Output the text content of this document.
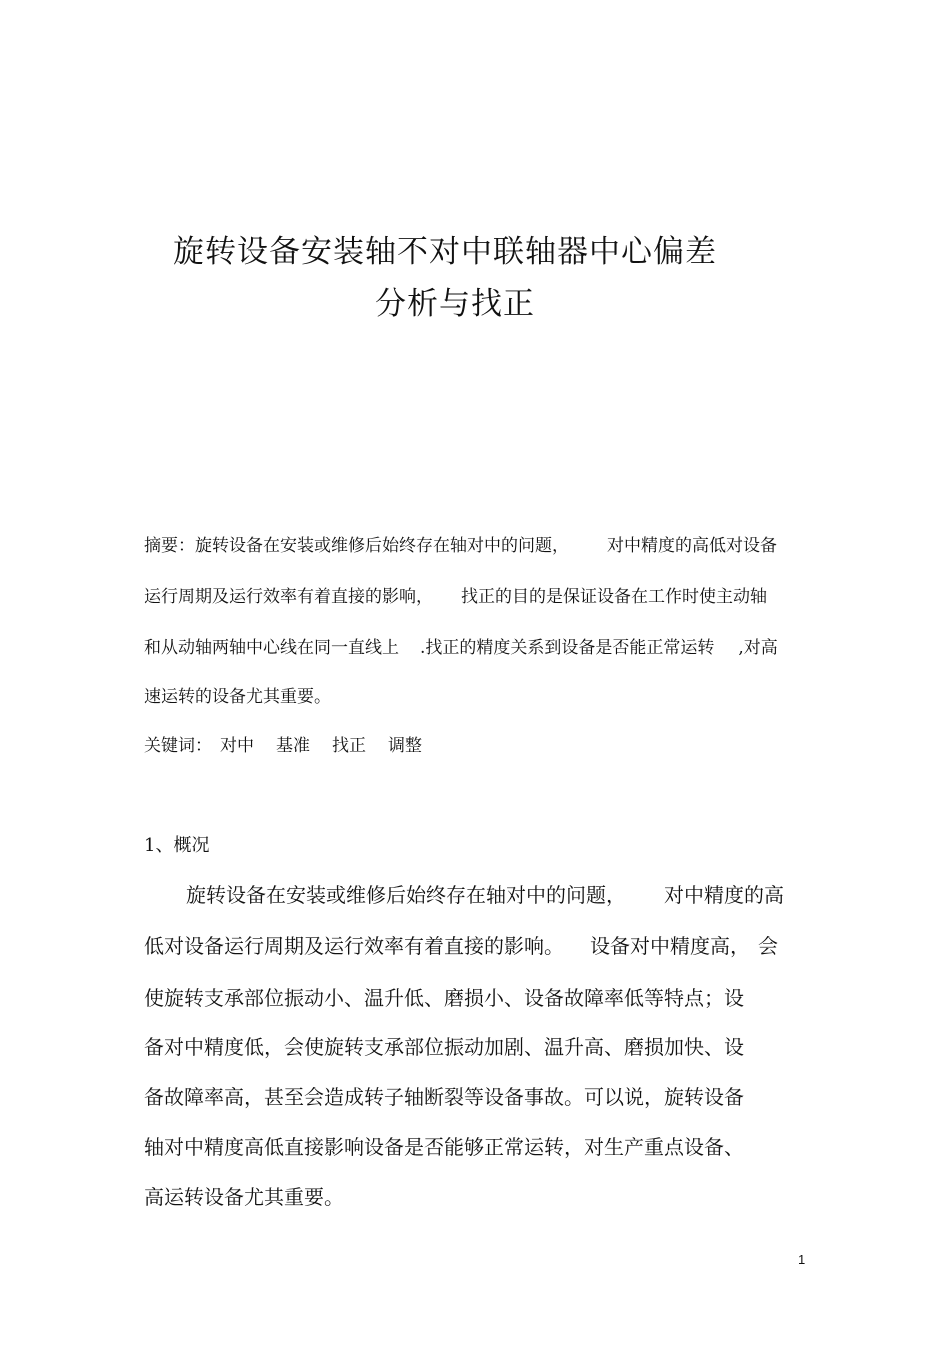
旋转设备安装轴不对中联轴器中心偏差
分析与找正
摘要：旋转设备在安装或维修后始终存在轴对中的问题， 对中精度的高低对设备
运行周期及运行效率有着直接的影响， 找正的目的是保证设备在工作时使主动轴
和从动轴两轴中心线在同一直线上 .找正的精度关系到设备是否能正常运转 ,对高
速运转的设备尤其重要。
关键词： 对中 基准 找正 调整
1、概况
旋转设备在安装或维修后始终存在轴对中的问题， 对中精度的高
低对设备运行周期及运行效率有着直接的影响。 设备对中精度高， 会
使旋转支承部位振动小、温升低、磨损小、设备故障率低等特点；设
备对中精度低，会使旋转支承部位振动加剧、温升高、磨损加快、设
备故障率高，甚至会造成转子轴断裂等设备事故。可以说，旋转设备
轴对中精度高低直接影响设备是否能够正常运转，对生产重点设备、
高运转设备尤其重要。
1
